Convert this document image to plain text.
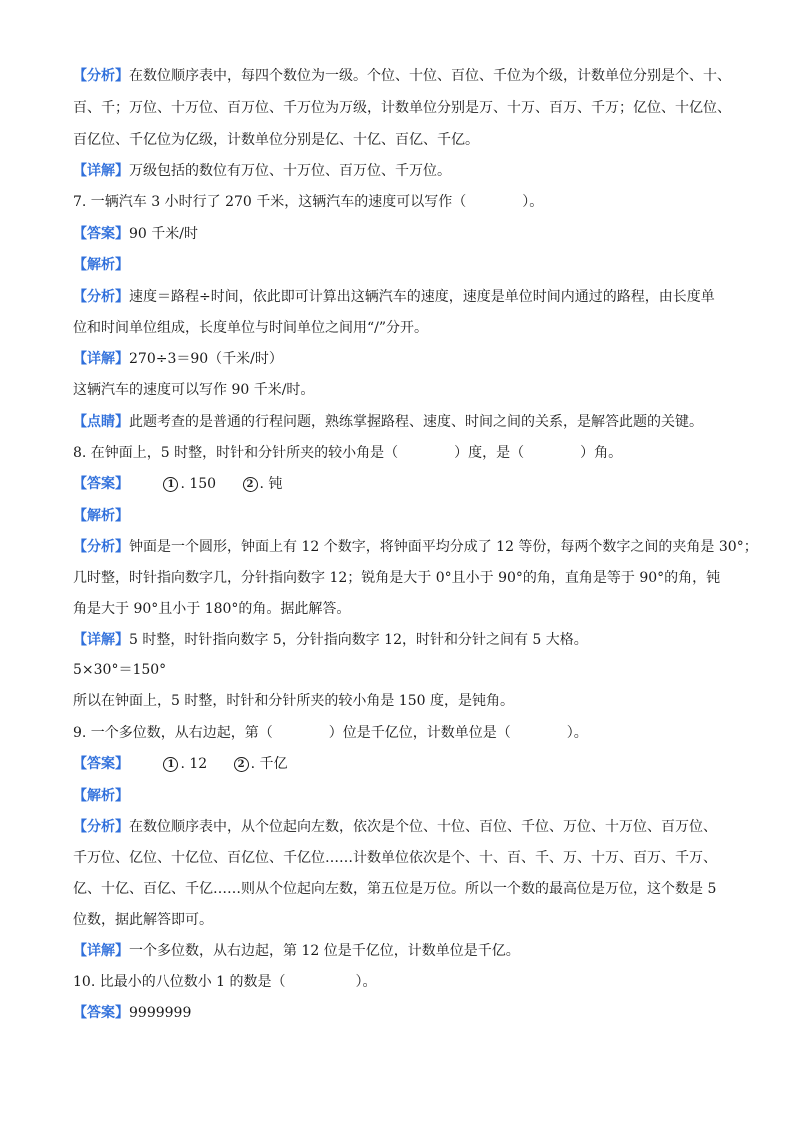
【分析】在数位顺序表中，每四个数位为一级。个位、十位、百位、千位为个级，计数单位分别是个、十、
百、千；万位、十万位、百万位、千万位为万级，计数单位分别是万、十万、百万、千万；亿位、十亿位、
百亿位、千亿位为亿级，计数单位分别是亿、十亿、百亿、千亿。
【详解】万级包括的数位有万位、十万位、百万位、千万位。
7. 一辆汽车 3 小时行了 270 千米，这辆汽车的速度可以写作（　　　　）。
【答案】90 千米/时
【解析】
【分析】速度＝路程÷时间，依此即可计算出这辆汽车的速度，速度是单位时间内通过的路程，由长度单
位和时间单位组成，长度单位与时间单位之间用“/”分开。
【详解】270÷3＝90（千米/时）
这辆汽车的速度可以写作 90 千米/时。
【点睛】此题考查的是普通的行程问题，熟练掌握路程、速度、时间之间的关系，是解答此题的关键。
8. 在钟面上，5 时整，时针和分针所夹的较小角是（　　　　）度，是（　　　　）角。
【答案】	1 . 150	2 . 钝
【解析】
【分析】钟面是一个圆形，钟面上有 12 个数字，将钟面平均分成了 12 等份，每两个数字之间的夹角是 30°；
几时整，时针指向数字几，分针指向数字 12；锐角是大于 0°且小于 90°的角，直角是等于 90°的角，钝
角是大于 90°且小于 180°的角。据此解答。
【详解】5 时整，时针指向数字 5，分针指向数字 12，时针和分针之间有 5 大格。
5×30°＝150°
所以在钟面上，5 时整，时针和分针所夹的较小角是 150 度，是钝角。
9. 一个多位数，从右边起，第（　　　　）位是千亿位，计数单位是（　　　　）。
【答案】	1 . 12	2 . 千亿
【解析】
【分析】在数位顺序表中，从个位起向左数，依次是个位、十位、百位、千位、万位、十万位、百万位、
千万位、亿位、十亿位、百亿位、千亿位……计数单位依次是个、十、百、千、万、十万、百万、千万、
亿、十亿、百亿、千亿……则从个位起向左数，第五位是万位。所以一个数的最高位是万位，这个数是 5
位数，据此解答即可。
【详解】一个多位数，从右边起，第 12 位是千亿位，计数单位是千亿。
10. 比最小的八位数小 1 的数是（　　　　　）。
【答案】9999999
